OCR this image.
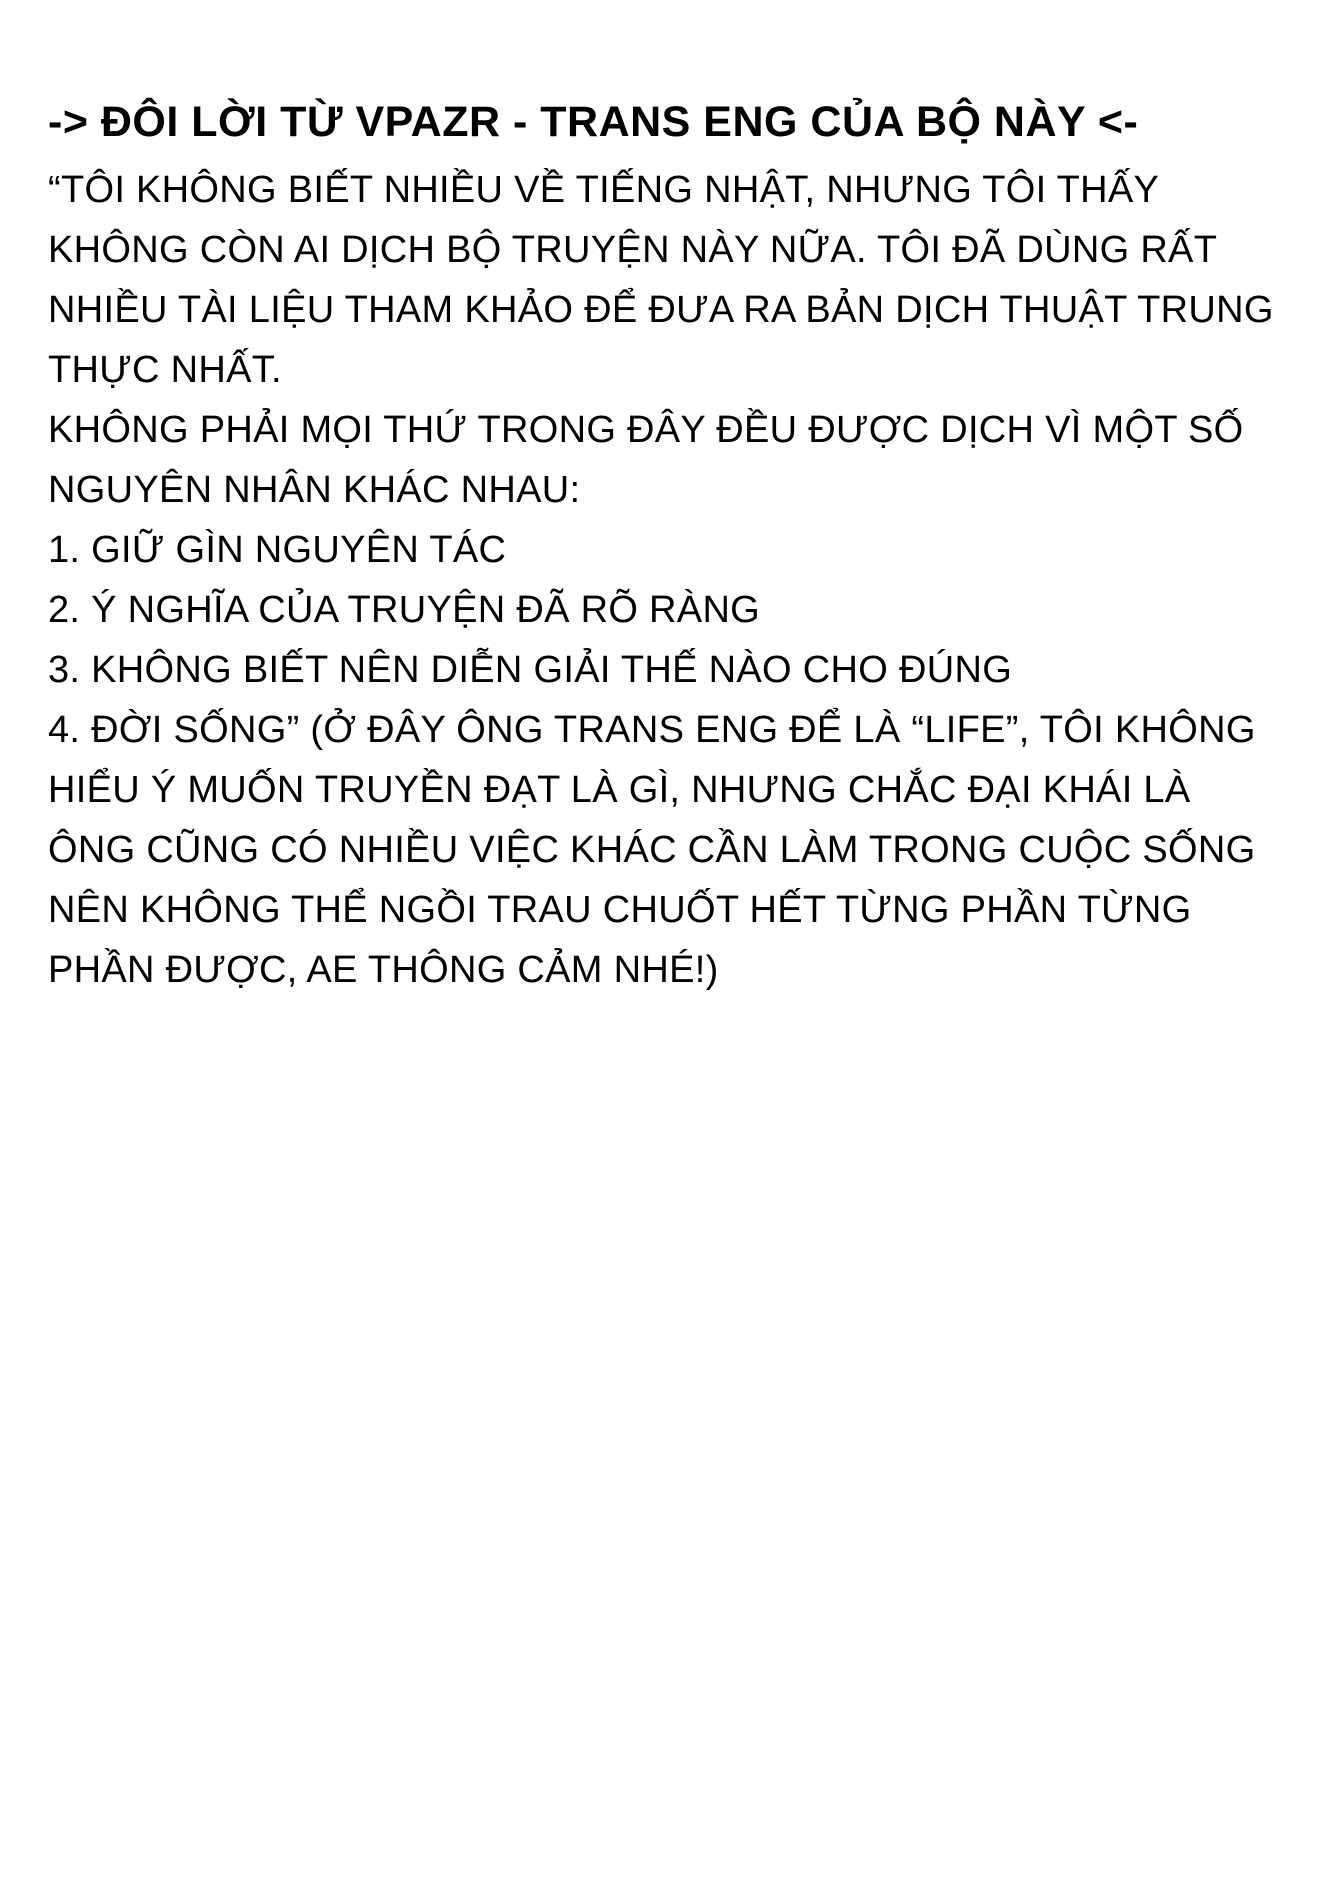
-> ĐÔI LỜI TỪ VPAZR - TRANS ENG CỦA BỘ NÀY <-

“TÔI KHÔNG BIẾT NHIỀU VỀ TIẾNG NHẬT, NHƯNG TÔI THẤY KHÔNG CÒN AI DỊCH BỘ TRUYỆN NÀY NỮA. TÔI ĐÃ DÙNG RẤT NHIỀU TÀI LIỆU THAM KHẢO ĐỂ ĐƯA RA BẢN DỊCH THUẬT TRUNG THỰC NHẤT.

KHÔNG PHẢI MỌI THỨ TRONG ĐÂY ĐỀU ĐƯỢC DỊCH VÌ MỘT SỐ NGUYÊN NHÂN KHÁC NHAU:

1. GIỮ GÌN NGUYÊN TÁC

2. Ý NGHĨA CỦA TRUYỆN ĐÃ RÕ RÀNG

3. KHÔNG BIẾT NÊN DIỄN GIẢI THẾ NÀO CHO ĐÚNG

4. ĐỜI SỐNG” (Ở ĐÂY ÔNG TRANS ENG ĐỂ LÀ “LIFE”, TÔI KHÔNG HIỂU Ý MUỐN TRUYỀN ĐẠT LÀ GÌ, NHƯNG CHẮC ĐẠI KHÁI LÀ ÔNG CŨNG CÓ NHIỀU VIỆC KHÁC CẦN LÀM TRONG CUỘC SỐNG NÊN KHÔNG THỂ NGỒI TRAU CHUỐT HẾT TỪNG PHẦN TỪNG PHẦN ĐƯỢC, AE THÔNG CẢM NHÉ!)
